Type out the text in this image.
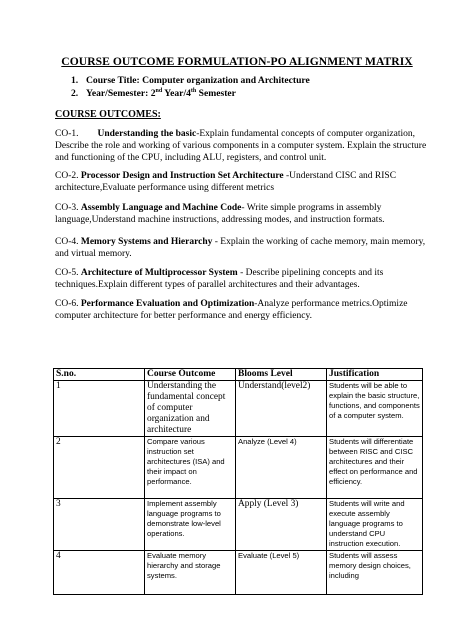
COURSE OUTCOME FORMULATION-PO ALIGNMENT MATRIX
1. Course Title: Computer organization and Architecture
2. Year/Semester: 2nd Year/4th Semester
COURSE OUTCOMES:
CO-1. Understanding the basic-Explain fundamental concepts of computer organization, Describe the role and working of various components in a computer system. Explain the structure and functioning of the CPU, including ALU, registers, and control unit.
CO-2. Processor Design and Instruction Set Architecture -Understand CISC and RISC architecture,Evaluate performance using different metrics
CO-3. Assembly Language and Machine Code- Write simple programs in assembly language,Understand machine instructions, addressing modes, and instruction formats.
CO-4. Memory Systems and Hierarchy - Explain the working of cache memory, main memory, and virtual memory.
CO-5. Architecture of Multiprocessor System - Describe pipelining concepts and its techniques.Explain different types of parallel architectures and their advantages.
CO-6. Performance Evaluation and Optimization-Analyze performance metrics.Optimize computer architecture for better performance and energy efficiency.
S.no.	Course Outcome	Blooms Level	Justification
1	Understanding the fundamental concept of computer organization and architecture	Understand(level2)	Students will be able to explain the basic structure, functions, and components of a computer system.
2	Compare various instruction set architectures (ISA) and their impact on performance.	Analyze (Level 4)	Students will differentiate between RISC and CISC architectures and their effect on performance and efficiency.
3	Implement assembly language programs to demonstrate low-level operations.	Apply (Level 3)	Students will write and execute assembly language programs to understand CPU instruction execution.
4	Evaluate memory hierarchy and storage systems.	Evaluate (Level 5)	Students will assess memory design choices, including
